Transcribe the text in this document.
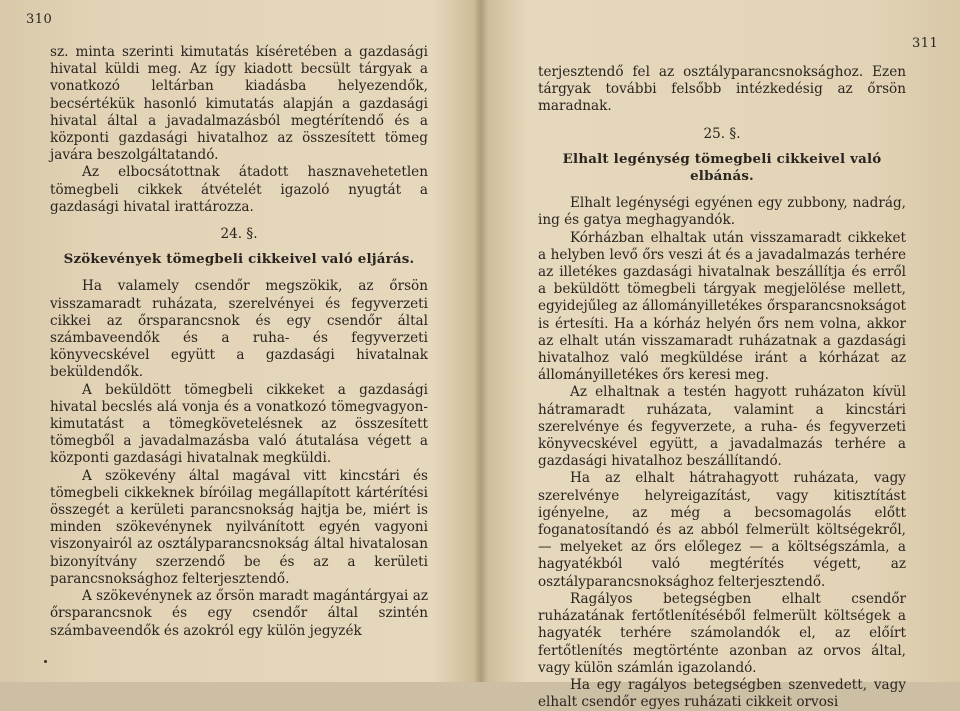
310

sz. minta szerinti kimutatás kíséretében a gazdasági hivatal küldi meg. Az így kiadott becsült tárgyak a vonatkozó leltárban kiadásba helyezendők, becsértékük hasonló kimutatás alapján a gazdasági hivatal által a javadalmazásból megtérítendő és a központi gazdasági hivatalhoz az összesített tömeg javára beszolgáltatandó.

Az elbocsátottnak átadott hasznavehetetlen tömegbeli cikkek átvételét igazoló nyugtát a gazdasági hivatal irattározza.

24. §.
Szökevények tömegbeli cikkeivel való eljárás.

Ha valamely csendőr megszökik, az őrsön visszamaradt ruházata, szerelvényei és fegyverzeti cikkei az őrsparancsnok és egy csendőr által számbaveendők és a ruha- és fegyverzeti könyvecskével együtt a gazdasági hivatalnak beküldendők.

A beküldött tömegbeli cikkeket a gazdasági hivatal becslés alá vonja és a vonatkozó tömegvagyon-kimutatást a tömegkövetelésnek az összesített tömegből a javadalmazásba való átutalása végett a központi gazdasági hivatalnak megküldi.

A szökevény által magával vitt kincstári és tömegbeli cikkeknek bíróilag megállapított kártérítési összegét a kerületi parancsnokság hajtja be, miért is minden szökevénynek nyilvánított egyén vagyoni viszonyairól az osztályparancsnokság által hivatalosan bizonyítvány szerzendő be és az a kerületi parancsnoksághoz felterjesztendő.

A szökevénynek az őrsön maradt magántárgyai az őrsparancsnok és egy csendőr által szintén számbaveendők és azokról egy külön jegyzék

311

terjesztendő fel az osztályparancsnoksághoz. Ezen tárgyak további felsőbb intézkedésig az őrsön maradnak.

25. §.
Elhalt legénység tömegbeli cikkeivel való elbánás.

Elhalt legénységi egyénen egy zubbony, nadrág, ing és gatya meghagyandók.

Kórházban elhaltak után visszamaradt cikkeket a helyben levő őrs veszi át és a javadalmazás terhére az illetékes gazdasági hivatalnak beszállítja és erről a beküldött tömegbeli tárgyak megjelölése mellett, egyidejűleg az állományilletékes őrsparancsnokságot is értesíti. Ha a kórház helyén őrs nem volna, akkor az elhalt után visszamaradt ruházatnak a gazdasági hivatalhoz való megküldése iránt a kórházat az állományilletékes őrs keresi meg.

Az elhaltnak a testén hagyott ruházaton kívül hátramaradt ruházata, valamint a kincstári szerelvénye és fegyverzete, a ruha- és fegyverzeti könyvecskével együtt, a javadalmazás terhére a gazdasági hivatalhoz beszállítandó.

Ha az elhalt hátrahagyott ruházata, vagy szerelvénye helyreigazítást, vagy kitisztítást igényelne, az még a becsomagolás előtt foganatosítandó és az abból felmerült költségekről, — melyeket az őrs előlegez — a költségszámla, a hagyatékból való megtérítés végett, az osztályparancsnoksághoz felterjesztendő.

Ragályos betegségben elhalt csendőr ruházatának fertőtlenítéséből felmerült költségek a hagyaték terhére számolandók el, az előírt fertőtlenítés megtörténte azonban az orvos által, vagy külön számlán igazolandó.

Ha egy ragályos betegségben szenvedett, vagy elhalt csendőr egyes ruházati cikkeit orvosi
